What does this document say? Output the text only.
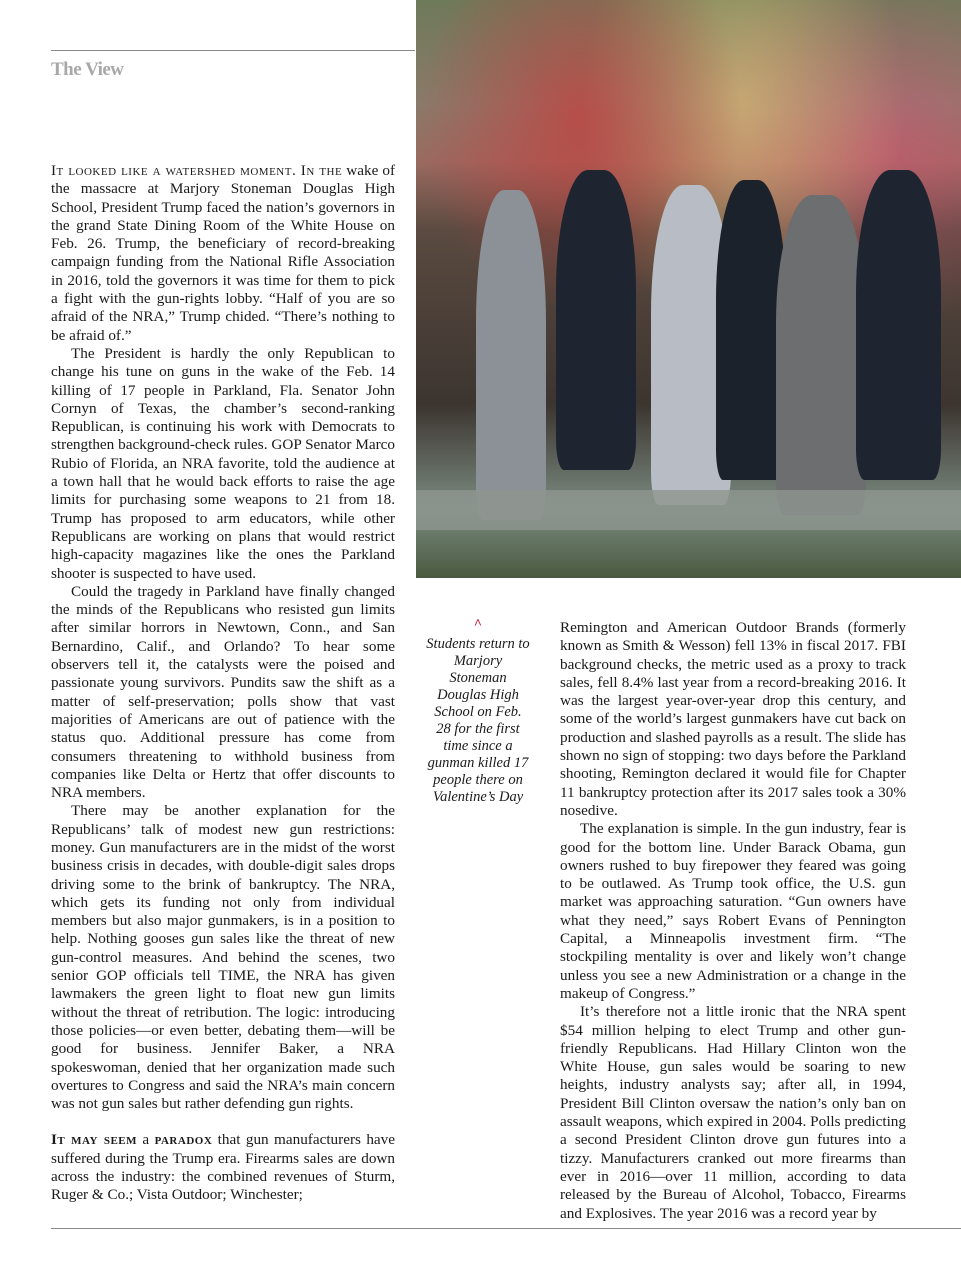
The View
^
Students return to Marjory Stoneman Douglas High School on Feb. 28 for the first time since a gunman killed 17 people there on Valentine’s Day

It looked like a watershed moment. In the wake of the massacre at Marjory Stoneman Douglas High School, President Trump faced the nation’s governors in the grand State Dining Room of the White House on Feb. 26. Trump, the beneficiary of record-breaking campaign funding from the National Rifle Association in 2016, told the governors it was time for them to pick a fight with the gun-rights lobby. “Half of you are so afraid of the NRA,” Trump chided. “There’s nothing to be afraid of.”

The President is hardly the only Republican to change his tune on guns in the wake of the Feb. 14 killing of 17 people in Parkland, Fla. Senator John Cornyn of Texas, the chamber’s second-ranking Republican, is continuing his work with Democrats to strengthen background-check rules. GOP Senator Marco Rubio of Florida, an NRA favorite, told the audience at a town hall that he would back efforts to raise the age limits for purchasing some weapons to 21 from 18. Trump has proposed to arm educators, while other Republicans are working on plans that would restrict high-capacity magazines like the ones the Parkland shooter is suspected to have used.

Could the tragedy in Parkland have finally changed the minds of the Republicans who resisted gun limits after similar horrors in Newtown, Conn., and San Bernardino, Calif., and Orlando? To hear some observers tell it, the catalysts were the poised and passionate young survivors. Pundits saw the shift as a matter of self-preservation; polls show that vast majorities of Americans are out of patience with the status quo. Additional pressure has come from consumers threatening to withhold business from companies like Delta or Hertz that offer discounts to NRA members.

There may be another explanation for the Republicans’ talk of modest new gun restrictions: money. Gun manufacturers are in the midst of the worst business crisis in decades, with double-digit sales drops driving some to the brink of bankruptcy. The NRA, which gets its funding not only from individual members but also major gunmakers, is in a position to help. Nothing gooses gun sales like the threat of new gun-control measures. And behind the scenes, two senior GOP officials tell TIME, the NRA has given lawmakers the green light to float new gun limits without the threat of retribution. The logic: introducing those policies—or even better, debating them—will be good for business. Jennifer Baker, a NRA spokeswoman, denied that her organization made such overtures to Congress and said the NRA’s main concern was not gun sales but rather defending gun rights.

It may seem a paradox that gun manufacturers have suffered during the Trump era. Firearms sales are down across the industry: the combined revenues of Sturm, Ruger & Co.; Vista Outdoor; Winchester;

Remington and American Outdoor Brands (formerly known as Smith & Wesson) fell 13% in fiscal 2017. FBI background checks, the metric used as a proxy to track sales, fell 8.4% last year from a record-breaking 2016. It was the largest year-over-year drop this century, and some of the world’s largest gunmakers have cut back on production and slashed payrolls as a result. The slide has shown no sign of stopping: two days before the Parkland shooting, Remington declared it would file for Chapter 11 bankruptcy protection after its 2017 sales took a 30% nosedive.

The explanation is simple. In the gun industry, fear is good for the bottom line. Under Barack Obama, gun owners rushed to buy firepower they feared was going to be outlawed. As Trump took office, the U.S. gun market was approaching saturation. “Gun owners have what they need,” says Robert Evans of Pennington Capital, a Minneapolis investment firm. “The stockpiling mentality is over and likely won’t change unless you see a new Administration or a change in the makeup of Congress.”

It’s therefore not a little ironic that the NRA spent $54 million helping to elect Trump and other gun-friendly Republicans. Had Hillary Clinton won the White House, gun sales would be soaring to new heights, industry analysts say; after all, in 1994, President Bill Clinton oversaw the nation’s only ban on assault weapons, which expired in 2004. Polls predicting a second President Clinton drove gun futures into a tizzy. Manufacturers cranked out more firearms than ever in 2016—over 11 million, according to data released by the Bureau of Alcohol, Tobacco, Firearms and Explosives. The year 2016 was a record year by
